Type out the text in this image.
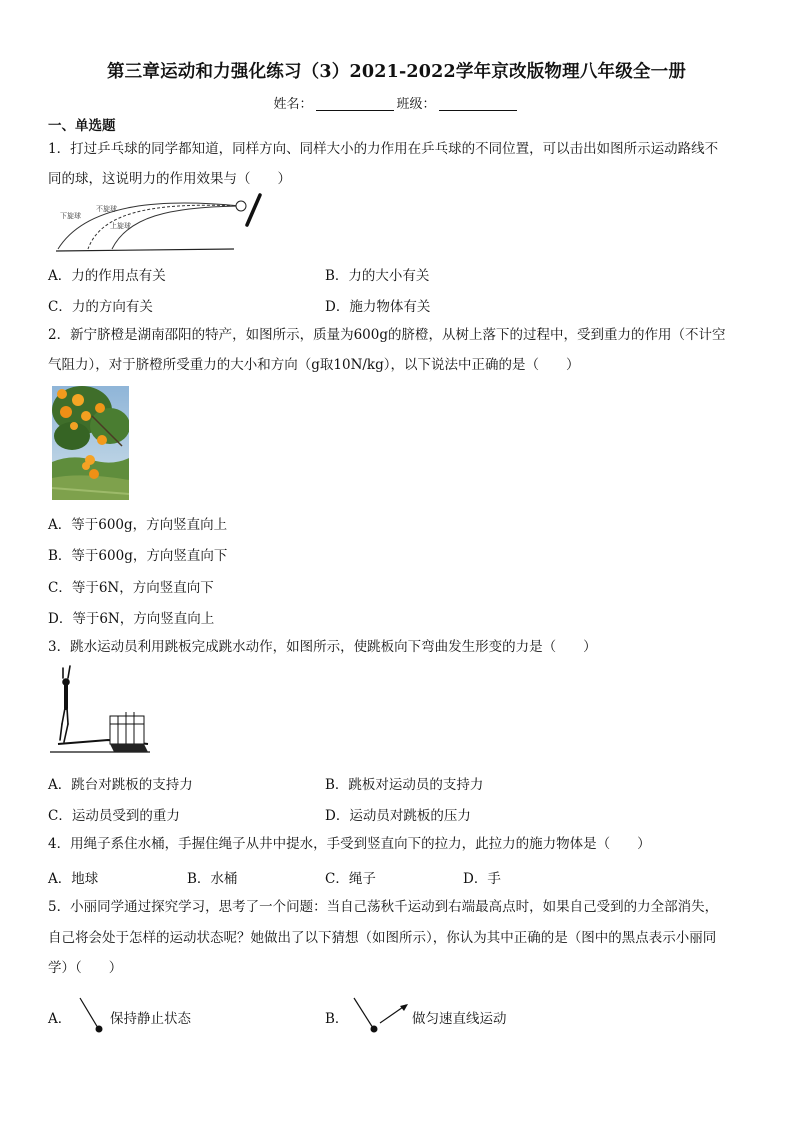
第三章运动和力强化练习（3）2021-2022学年京改版物理八年级全一册
姓名：	班级：
一、单选题
1．打过乒乓球的同学都知道，同样方向、同样大小的力作用在乒乓球的不同位置，可以击出如图所示运动路线不
同的球，这说明力的作用效果与（　　）
下旋球
不旋球
上旋球
A．力的作用点有关	B．力的大小有关
C．力的方向有关	D．施力物体有关
2．新宁脐橙是湖南邵阳的特产，如图所示，质量为600g的脐橙，从树上落下的过程中，受到重力的作用（不计空
气阻力），对于脐橙所受重力的大小和方向（g取10N/kg），以下说法中正确的是（　　）
A．等于600g，方向竖直向上
B．等于600g，方向竖直向下
C．等于6N，方向竖直向下
D．等于6N，方向竖直向上
3．跳水运动员利用跳板完成跳水动作，如图所示，使跳板向下弯曲发生形变的力是（　　）
A．跳台对跳板的支持力	B．跳板对运动员的支持力
C．运动员受到的重力	D．运动员对跳板的压力
4．用绳子系住水桶，手握住绳子从井中提水，手受到竖直向下的拉力，此拉力的施力物体是（　　）
A．地球	B．水桶	C．绳子	D．手
5．小丽同学通过探究学习，思考了一个问题：当自己荡秋千运动到右端最高点时，如果自己受到的力全部消失，
自己将会处于怎样的运动状态呢？她做出了以下猜想（如图所示），你认为其中正确的是（图中的黑点表示小丽同
学）（　　）
A．	保持静止状态	B．	做匀速直线运动
